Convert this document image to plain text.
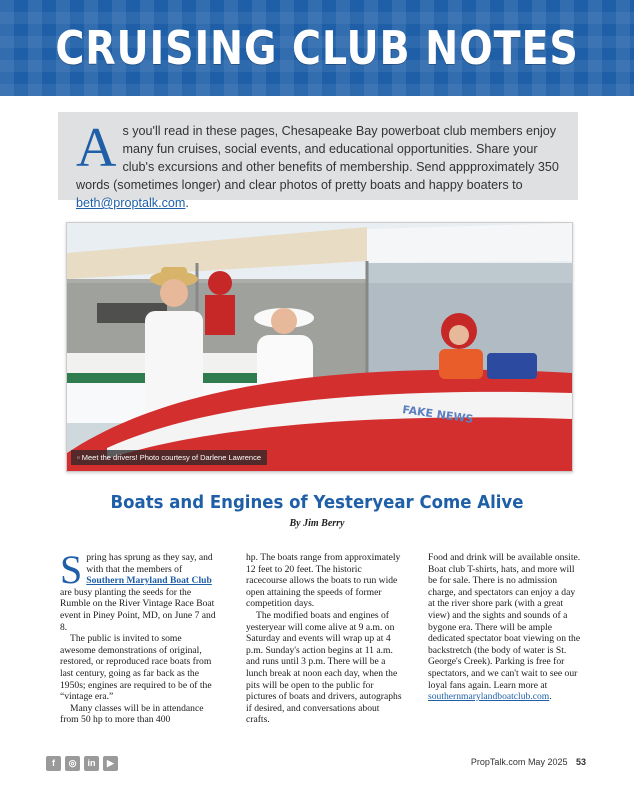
CRUISING CLUB NOTES
As you'll read in these pages, Chesapeake Bay powerboat club members enjoy many fun cruises, social events, and educational opportunities. Share your club's excursions and other benefits of membership. Send appproximately 350 words (sometimes longer) and clear photos of pretty boats and happy boaters to beth@proptalk.com.
FAKE NEWS
▫ Meet the drivers! Photo courtesy of Darlene Lawrence
Boats and Engines of Yesteryear Come Alive
By Jim Berry

Spring has sprung as they say, and with that the members of Southern Maryland Boat Club are busy planting the seeds for the Rumble on the River Vintage Race Boat event in Piney Point, MD, on June 7 and 8.

The public is invited to some awesome demonstrations of original, restored, or reproduced race boats from last century, going as far back as the 1950s; engines are required to be of the “vintage era.”

Many classes will be in attendance from 50 hp to more than 400

hp. The boats range from approximately 12 feet to 20 feet. The historic racecourse allows the boats to run wide open attaining the speeds of former competition days.

The modified boats and engines of yesteryear will come alive at 9 a.m. on Saturday and events will wrap up at 4 p.m. Sunday's action begins at 11 a.m. and runs until 3 p.m. There will be a lunch break at noon each day, when the pits will be open to the public for pictures of boats and drivers, autographs if desired, and conversations about crafts.

Food and drink will be available onsite. Boat club T-shirts, hats, and more will be for sale. There is no admission charge, and spectators can enjoy a day at the river shore park (with a great view) and the sights and sounds of a bygone era. There will be ample dedicated spectator boat viewing on the backstretch (the body of water is St. George's Creek). Parking is free for spectators, and we can't wait to see our loyal fans again. Learn more at southernmarylandboatclub.com.

f	◎	in	▶	PropTalk.com May 2025 53
